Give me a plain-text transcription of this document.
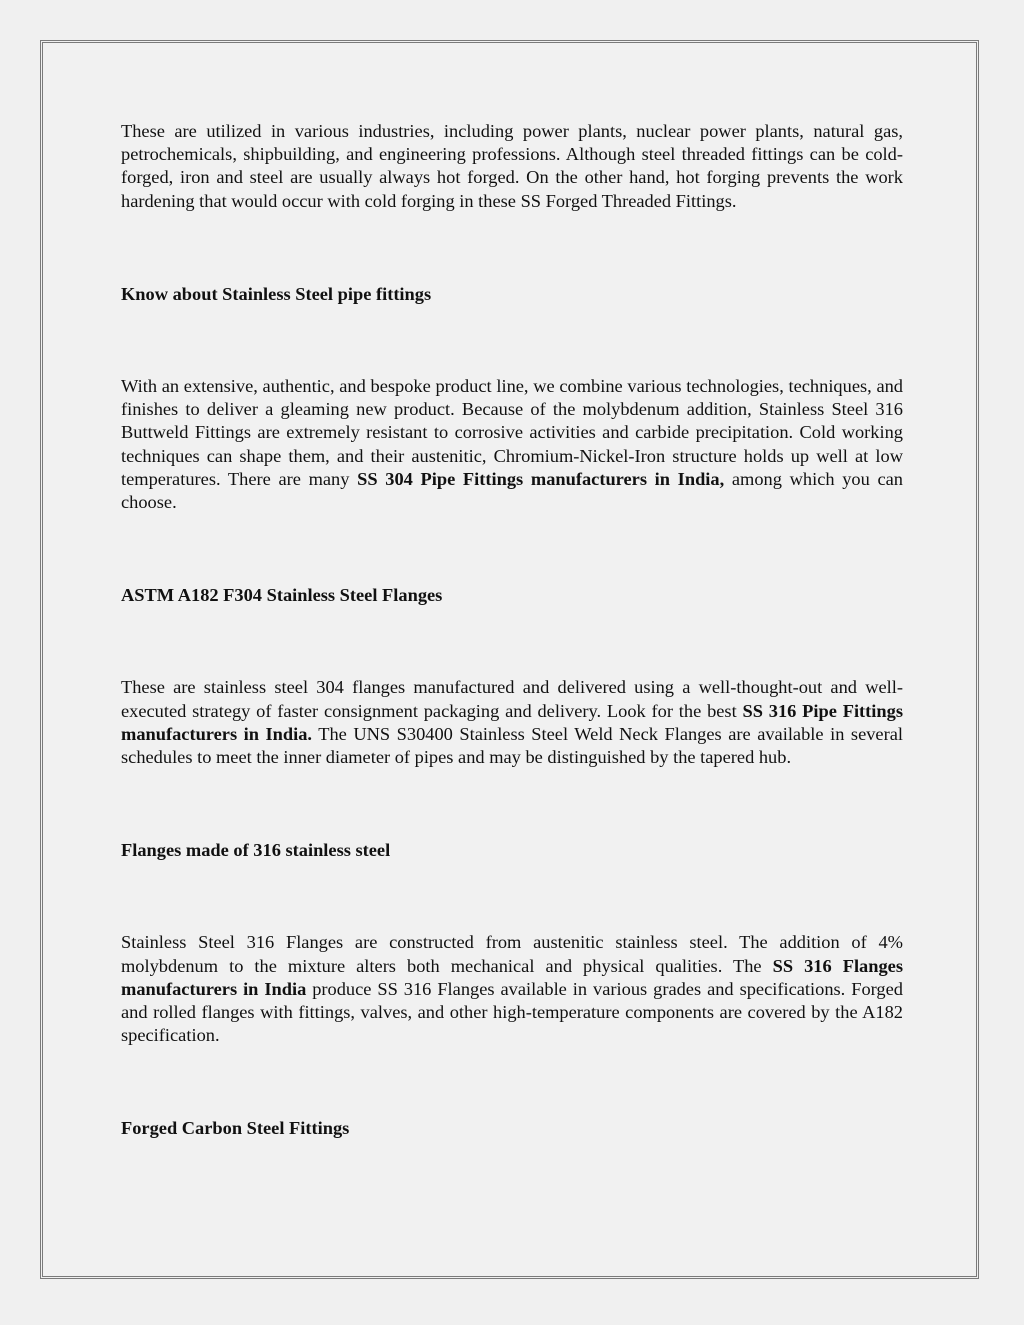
These are utilized in various industries, including power plants, nuclear power plants, natural gas, petrochemicals, shipbuilding, and engineering professions. Although steel threaded fittings can be cold-forged, iron and steel are usually always hot forged. On the other hand, hot forging prevents the work hardening that would occur with cold forging in these SS Forged Threaded Fittings.

Know about Stainless Steel pipe fittings

With an extensive, authentic, and bespoke product line, we combine various technologies, techniques, and finishes to deliver a gleaming new product. Because of the molybdenum addition, Stainless Steel 316 Buttweld Fittings are extremely resistant to corrosive activities and carbide precipitation. Cold working techniques can shape them, and their austenitic, Chromium-Nickel-Iron structure holds up well at low temperatures. There are many SS 304 Pipe Fittings manufacturers in India, among which you can choose.

ASTM A182 F304 Stainless Steel Flanges

These are stainless steel 304 flanges manufactured and delivered using a well-thought-out and well-executed strategy of faster consignment packaging and delivery. Look for the best SS 316 Pipe Fittings manufacturers in India. The UNS S30400 Stainless Steel Weld Neck Flanges are available in several schedules to meet the inner diameter of pipes and may be distinguished by the tapered hub.

Flanges made of 316 stainless steel

Stainless Steel 316 Flanges are constructed from austenitic stainless steel. The addition of 4% molybdenum to the mixture alters both mechanical and physical qualities. The SS 316 Flanges manufacturers in India produce SS 316 Flanges available in various grades and specifications. Forged and rolled flanges with fittings, valves, and other high-temperature components are covered by the A182 specification.

Forged Carbon Steel Fittings
